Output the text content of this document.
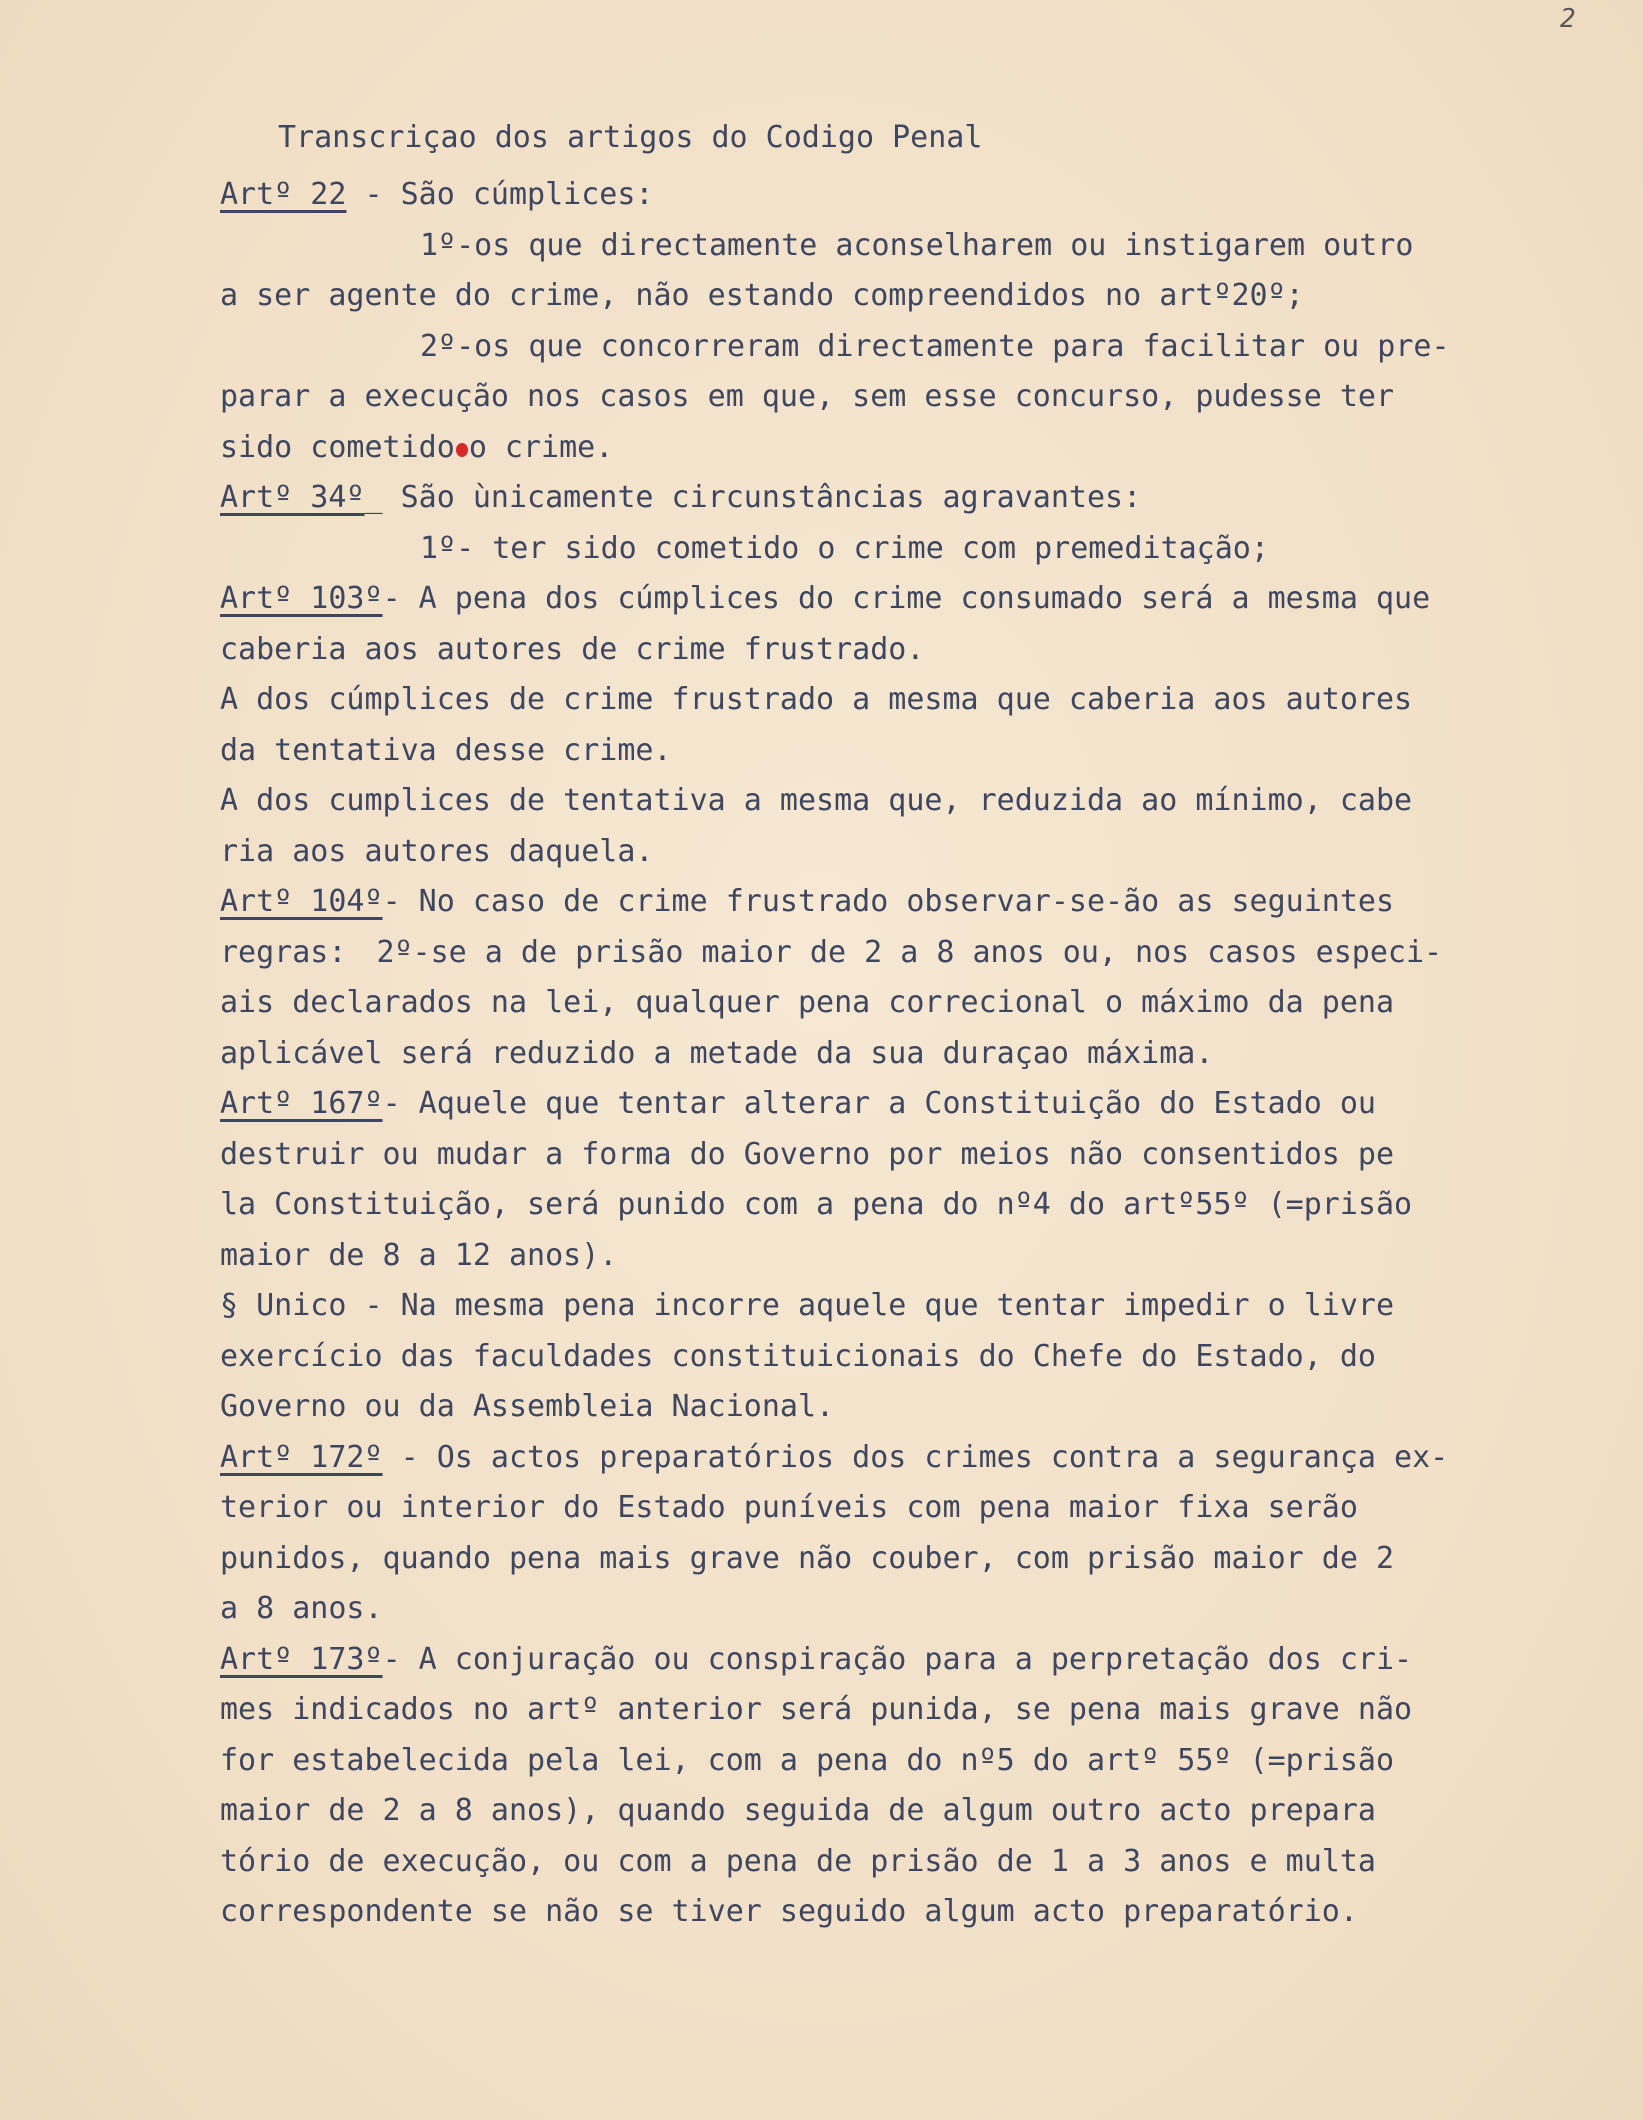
2
Transcriçao dos artigos do Codigo Penal
Artº 22 - São cúmplices:
1º-os que directamente aconselharem ou instigarem outro
a ser agente do crime, não estando compreendidos no artº20º;
2º-os que concorreram directamente para facilitar ou pre-
parar a execução nos casos em que, sem esse concurso, pudesse ter
sido cometido o crime.
Artº 34º_ São ùnicamente circunstâncias agravantes:
1º- ter sido cometido o crime com premeditação;
Artº 103º- A pena dos cúmplices do crime consumado será a mesma que
caberia aos autores de crime frustrado.
A dos cúmplices de crime frustrado a mesma que caberia aos autores
da tentativa desse crime.
A dos cumplices de tentativa a mesma que, reduzida ao mínimo, cabe
ria aos autores daquela.
Artº 104º- No caso de crime frustrado observar-se-ão as seguintes
regras: 2º-se a de prisão maior de 2 a 8 anos ou, nos casos especi-
ais declarados na lei, qualquer pena correcional o máximo da pena
aplicável será reduzido a metade da sua duraçao máxima.
Artº 167º- Aquele que tentar alterar a Constituição do Estado ou
destruir ou mudar a forma do Governo por meios não consentidos pe
la Constituição, será punido com a pena do nº4 do artº55º (=prisão
maior de 8 a 12 anos).
§ Unico - Na mesma pena incorre aquele que tentar impedir o livre
exercício das faculdades constituicionais do Chefe do Estado, do
Governo ou da Assembleia Nacional.
Artº 172º - Os actos preparatórios dos crimes contra a segurança ex-
terior ou interior do Estado puníveis com pena maior fixa serão
punidos, quando pena mais grave não couber, com prisão maior de 2
a 8 anos.
Artº 173º- A conjuração ou conspiração para a perpretação dos cri-
mes indicados no artº anterior será punida, se pena mais grave não
for estabelecida pela lei, com a pena do nº5 do artº 55º (=prisão
maior de 2 a 8 anos), quando seguida de algum outro acto prepara
tório de execução, ou com a pena de prisão de 1 a 3 anos e multa
correspondente se não se tiver seguido algum acto preparatório.
